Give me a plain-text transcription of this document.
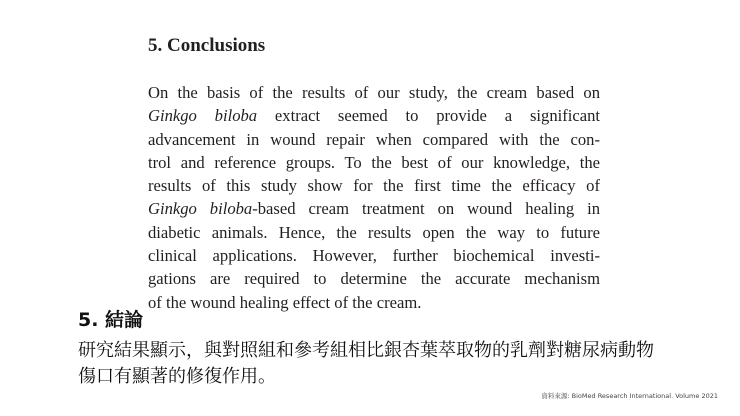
5. Conclusions

On the basis of the results of our study, the cream based on
Ginkgo biloba extract seemed to provide a significant
advancement in wound repair when compared with the con-
trol and reference groups. To the best of our knowledge, the
results of this study show for the first time the efficacy of
Ginkgo biloba-based cream treatment on wound healing in
diabetic animals. Hence, the results open the way to future
clinical applications. However, further biochemical investi-
gations are required to determine the accurate mechanism
of the wound healing effect of the cream.

5. 結論

研究結果顯示，與對照組和參考組相比銀杏葉萃取物的乳劑對糖尿病動物

傷口有顯著的修復作用。

資料來源: BioMed Research International. Volume 2021
